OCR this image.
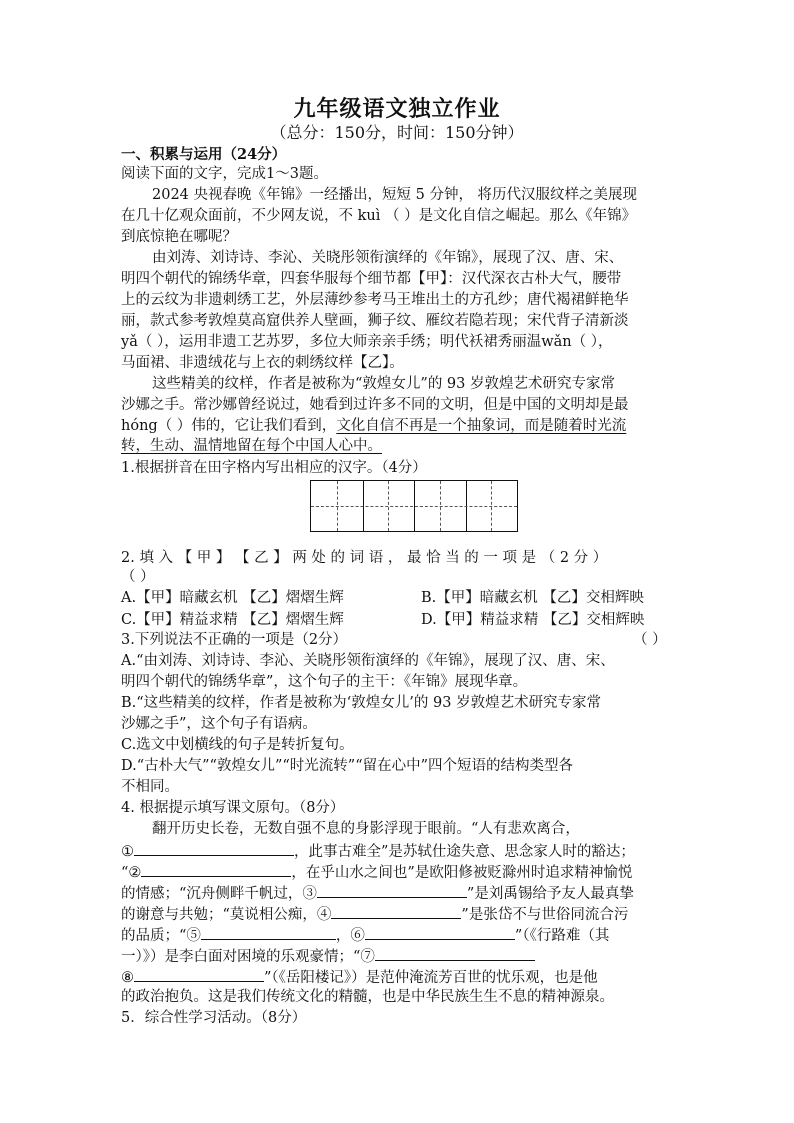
九年级语文独立作业
（总分：150分，时间：150分钟）
一、积累与运用（24分）
阅读下面的文字，完成1～3题。
2024 央视春晚《年锦》一经播出，短短 5 分钟， 将历代汉服纹样之美展现
在几十亿观众面前，不少网友说，不 kuì （ ）是文化自信之崛起。那么《年锦》
到底惊艳在哪呢？
由刘涛、刘诗诗、李沁、关晓彤领衔演绎的《年锦》，展现了汉、唐、宋、
明四个朝代的锦绣华章，四套华服每个细节都【甲】：汉代深衣古朴大气，腰带
上的云纹为非遗刺绣工艺，外层薄纱参考马王堆出土的方孔纱；唐代褐裙鲜艳华
丽，款式参考敦煌莫高窟供养人壁画，狮子纹、雁纹若隐若现；宋代背子清新淡
yǎ（ ），运用非遗工艺苏罗，多位大师亲亲手绣；明代袄裙秀丽温wǎn（ ），
马面裙、非遗绒花与上衣的刺绣纹样【乙】。
这些精美的纹样，作者是被称为“敦煌女儿”的 93 岁敦煌艺术研究专家常
沙娜之手。常沙娜曾经说过，她看到过许多不同的文明，但是中国的文明却是最
hóng（ ）伟的，它让我们看到，文化自信不再是一个抽象词，而是随着时光流
转，生动、温情地留在每个中国人心中。
1.根据拼音在田字格内写出相应的汉字。（4分）
2. 填 入 【 甲 】 【 乙 】 两 处 的 词 语 ， 最 恰 当 的 一 项 是 （ 2 分 ）
（ ）
A.【甲】暗藏玄机 【乙】熠熠生辉	B.【甲】暗藏玄机 【乙】交相辉映
C.【甲】精益求精 【乙】熠熠生辉	D.【甲】精益求精 【乙】交相辉映
3.下列说法不正确的一项是（2分）	（ ）
A.“由刘涛、刘诗诗、李沁、关晓彤领衔演绎的《年锦》，展现了汉、唐、宋、
明四个朝代的锦绣华章”，这个句子的主干：《年锦》展现华章。
B.“这些精美的纹样，作者是被称为‘敦煌女儿’的 93 岁敦煌艺术研究专家常
沙娜之手”，这个句子有语病。
C.选文中划横线的句子是转折复句。
D.“古朴大气”“敦煌女儿”“时光流转”“留在心中”四个短语的结构类型各
不相同。
4. 根据提示填写课文原句。（8分）
翻开历史长卷，无数自强不息的身影浮现于眼前。“人有悲欢离合，
①	，此事古难全”是苏轼仕途失意、思念家人时的豁达；
“②	，在乎山水之间也”是欧阳修被贬滁州时追求精神愉悦
的情感；“沉舟侧畔千帆过，③	”是刘禹锡给予友人最真挚
的谢意与共勉；“莫说相公痴，④	”是张岱不与世俗同流合污
的品质；“⑤	，⑥	”（《行路难（其
一）》）是李白面对困境的乐观豪情；“⑦
⑧	”（《岳阳楼记》）是范仲淹流芳百世的忧乐观，也是他
的政治抱负。这是我们传统文化的精髓，也是中华民族生生不息的精神源泉。
5．综合性学习活动。（8分）
